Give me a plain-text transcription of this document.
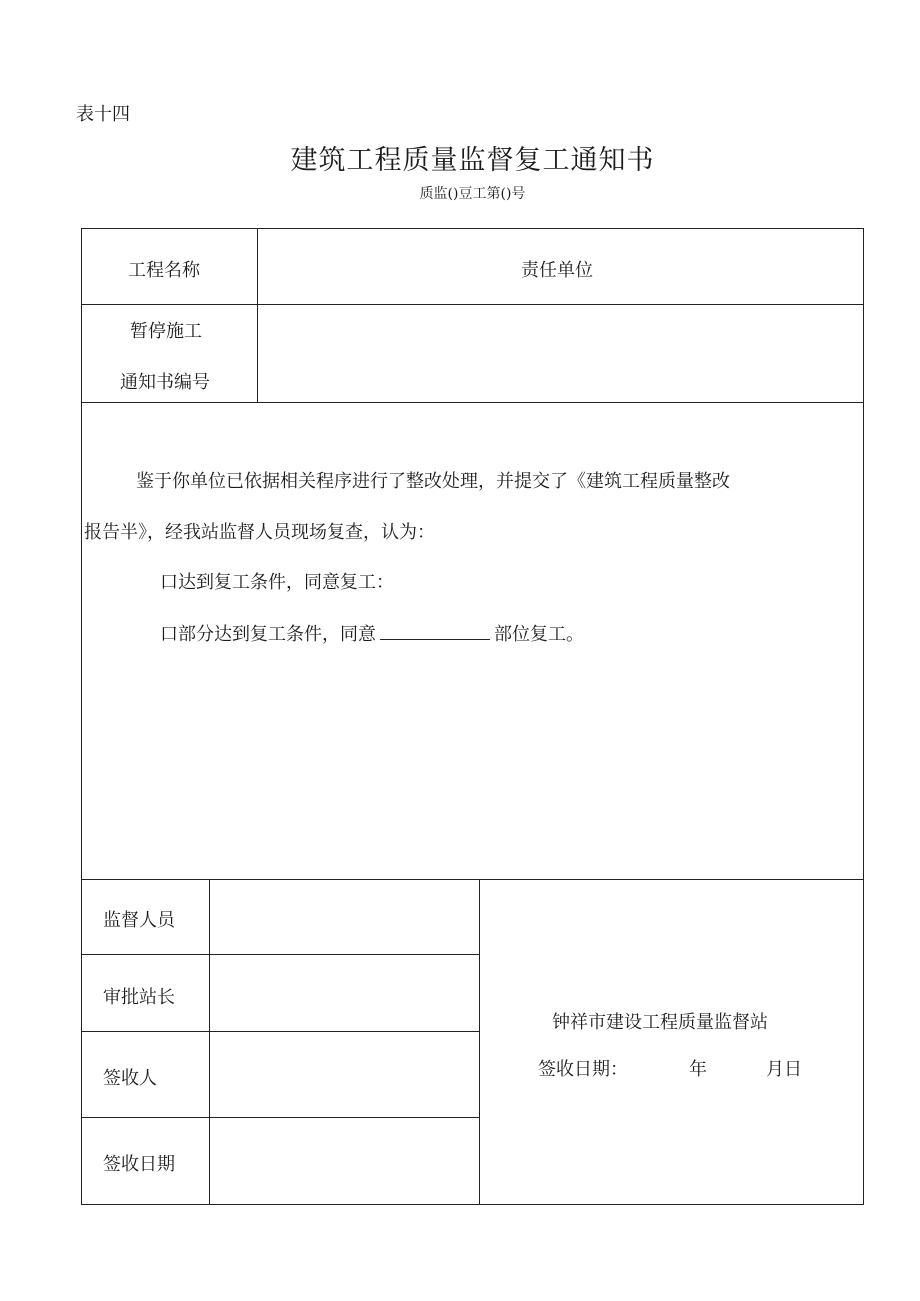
表十四
建筑工程质量监督复工通知书
质监()豆工第()号
工程名称	责任单位
暂停施工
通知书编号
鉴于你单位已依据相关程序进行了整改处理，并提交了《建筑工程质量整改
报告半》，经我站监督人员现场复查，认为：
口达到复工条件，同意复工：
口部分达到复工条件，同意	部位复工。
监督人员
审批站长
签收人
签收日期
钟祥市建设工程质量监督站
签收日期：	年	月日
